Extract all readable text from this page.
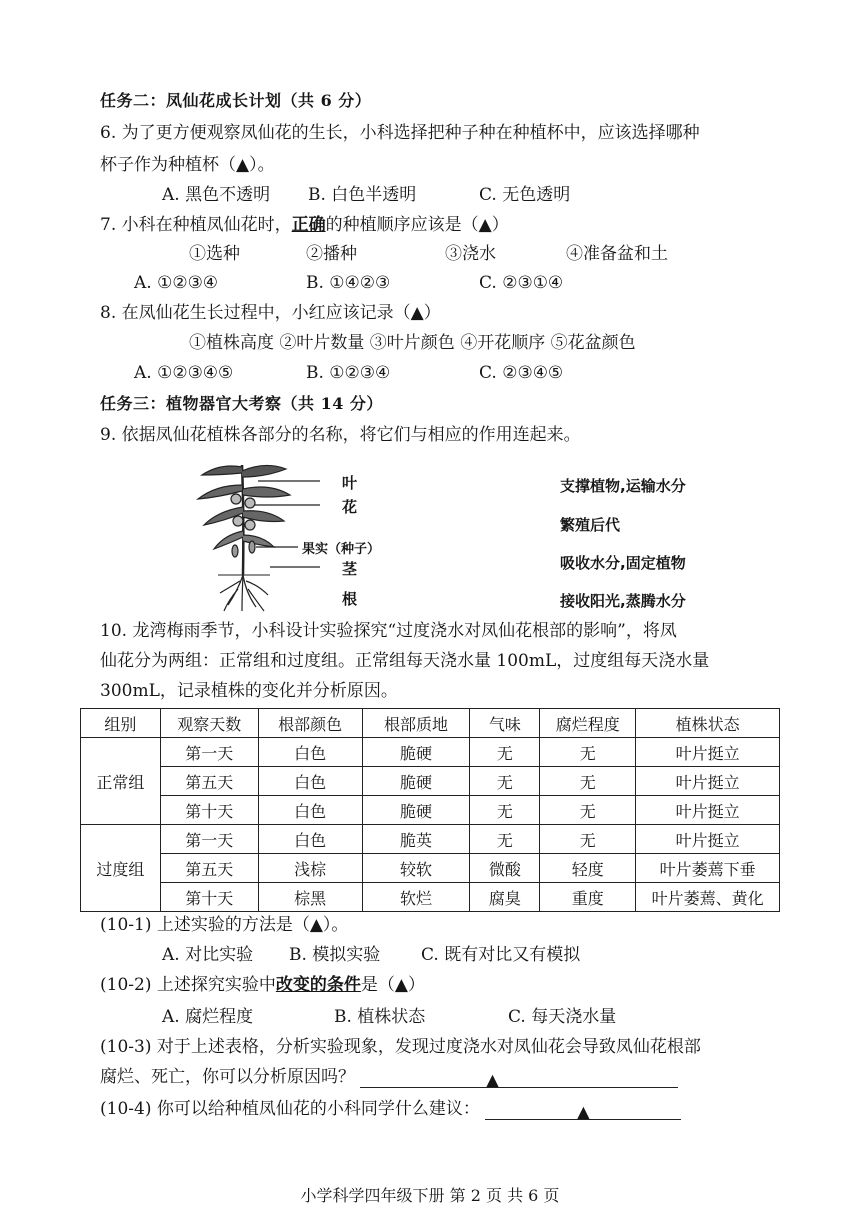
任务二：凤仙花成长计划（共 6 分）
6. 为了更方便观察凤仙花的生长，小科选择把种子种在种植杯中，应该选择哪种
杯子作为种植杯（▲）。
A. 黑色不透明 B. 白色半透明	C. 无色透明
7. 小科在种植凤仙花时，正确的种植顺序应该是（▲）
①选种	②播种	③浇水	④准备盆和土
A. ①②③④	B. ①④②③	C. ②③①④
8. 在凤仙花生长过程中，小红应该记录（▲）
①植株高度 ②叶片数量 ③叶片颜色 ④开花顺序 ⑤花盆颜色
A. ①②③④⑤	B. ①②③④	C. ②③④⑤
任务三：植物器官大考察（共 14 分）
9. 依据凤仙花植株各部分的名称，将它们与相应的作用连起来。
叶
花
果实（种子）
茎
根
支撑植物,运输水分
繁殖后代
吸收水分,固定植物
接收阳光,蒸腾水分
10. 龙湾梅雨季节，小科设计实验探究“过度浇水对凤仙花根部的影响”，将凤
仙花分为两组：正常组和过度组。正常组每天浇水量 100mL，过度组每天浇水量
300mL，记录植株的变化并分析原因。
组别	观察天数	根部颜色	根部质地	气味	腐烂程度	植株状态
正常组	第一天	白色	脆硬	无	无	叶片挺立
	第五天	白色	脆硬	无	无	叶片挺立
	第十天	白色	脆硬	无	无	叶片挺立
过度组	第一天	白色	脆英	无	无	叶片挺立
	第五天	浅棕	较软	微酸	轻度	叶片萎蔫下垂
	第十天	棕黑	软烂	腐臭	重度	叶片萎蔫、黄化
(10-1) 上述实验的方法是（▲）。
A. 对比实验 B. 模拟实验 C. 既有对比又有模拟
(10-2) 上述探究实验中改变的条件是（▲）
A. 腐烂程度	B. 植株状态	C. 每天浇水量
(10-3) 对于上述表格，分析实验现象，发现过度浇水对凤仙花会导致凤仙花根部
腐烂、死亡，你可以分析原因吗？	▲
(10-4) 你可以给种植凤仙花的小科同学什么建议：	▲
小学科学四年级下册 第 2 页 共 6 页
